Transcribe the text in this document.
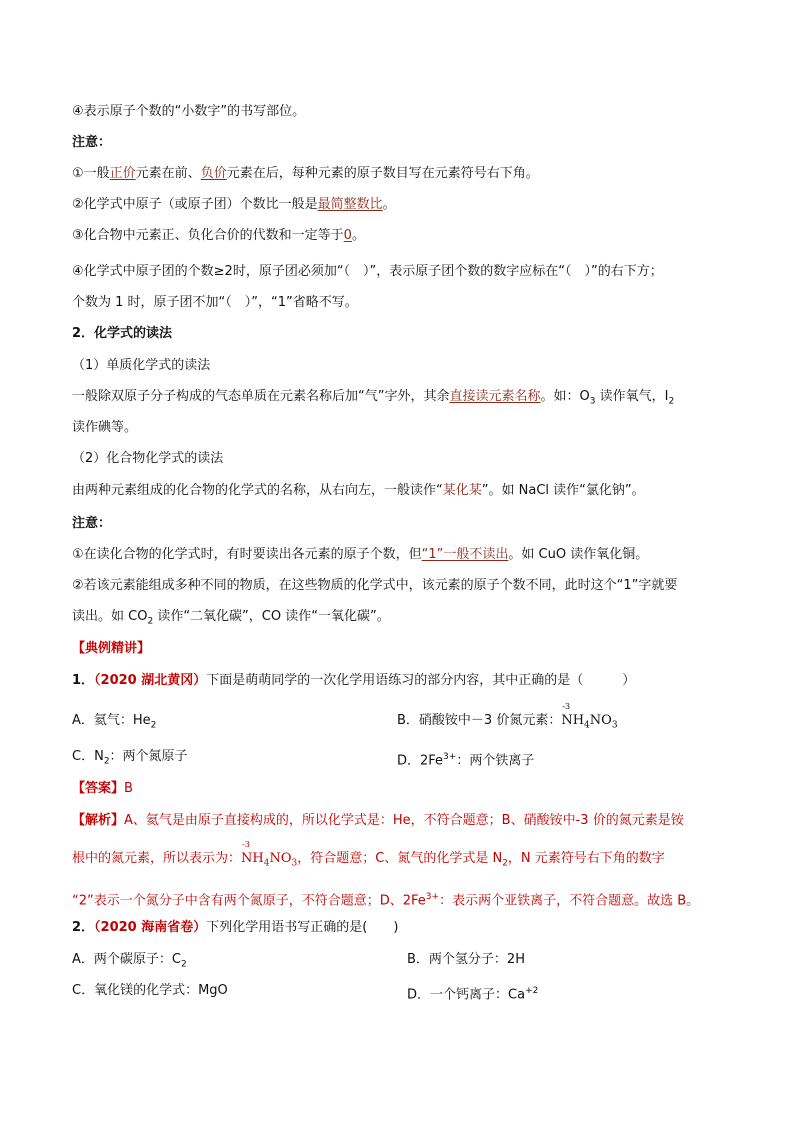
④表示原子个数的“小数字”的书写部位。
注意：
①一般正价元素在前、负价元素在后，每种元素的原子数目写在元素符号右下角。
②化学式中原子（或原子团）个数比一般是最简整数比。
③化合物中元素正、负化合价的代数和一定等于0。
④化学式中原子团的个数≥2时，原子团必须加“（　）”，表示原子团个数的数字应标在“（　）”的右下方；
个数为 1 时，原子团不加“（　）”，“1”省略不写。
2．化学式的读法
（1）单质化学式的读法
一般除双原子分子构成的气态单质在元素名称后加“气”字外，其余直接读元素名称。如：$O_3$ 读作氧气，$I_2$
读作碘等。
（2）化合物化学式的读法
由两种元素组成的化合物的化学式的名称，从右向左，一般读作“某化某”。如 NaCl 读作“氯化钠”。
注意：
①在读化合物的化学式时，有时要读出各元素的原子个数，但“1”一般不读出。如 CuO 读作氧化铜。
②若该元素能组成多种不同的物质，在这些物质的化学式中，该元素的原子个数不同，此时这个“1”字就要
读出。如 $CO_2$ 读作“二氧化碳”，CO 读作“一氧化碳”。
【典例精讲】
1．（2020 湖北黄冈）下面是萌萌同学的一次化学用语练习的部分内容，其中正确的是（　　　）
A．氦气：$He_2$	B．硝酸铵中－3 价氮元素：
-3
$NH_4NO_3$
C．$N_2$：两个氮原子	D．$2Fe^{3+}$：两个铁离子
【答案】B
【解析】A、氦气是由原子直接构成的，所以化学式是：He，不符合题意；B、硝酸铵中-3 价的氮元素是铵
根中的氮元素，所以表示为：
-3
$NH_4NO_3$，符合题意；C、氮气的化学式是 $N_2$，N 元素符号右下角的数字
“2”表示一个氮分子中含有两个氮原子，不符合题意；D、$2Fe^{3+}$：表示两个亚铁离子，不符合题意。故选 B。
2．（2020 海南省卷）下列化学用语书写正确的是(　　)
A．两个碳原子：$C_2$	B．两个氢分子：2H
C．氧化镁的化学式：MgO	D．一个钙离子：$Ca^{+2}$
